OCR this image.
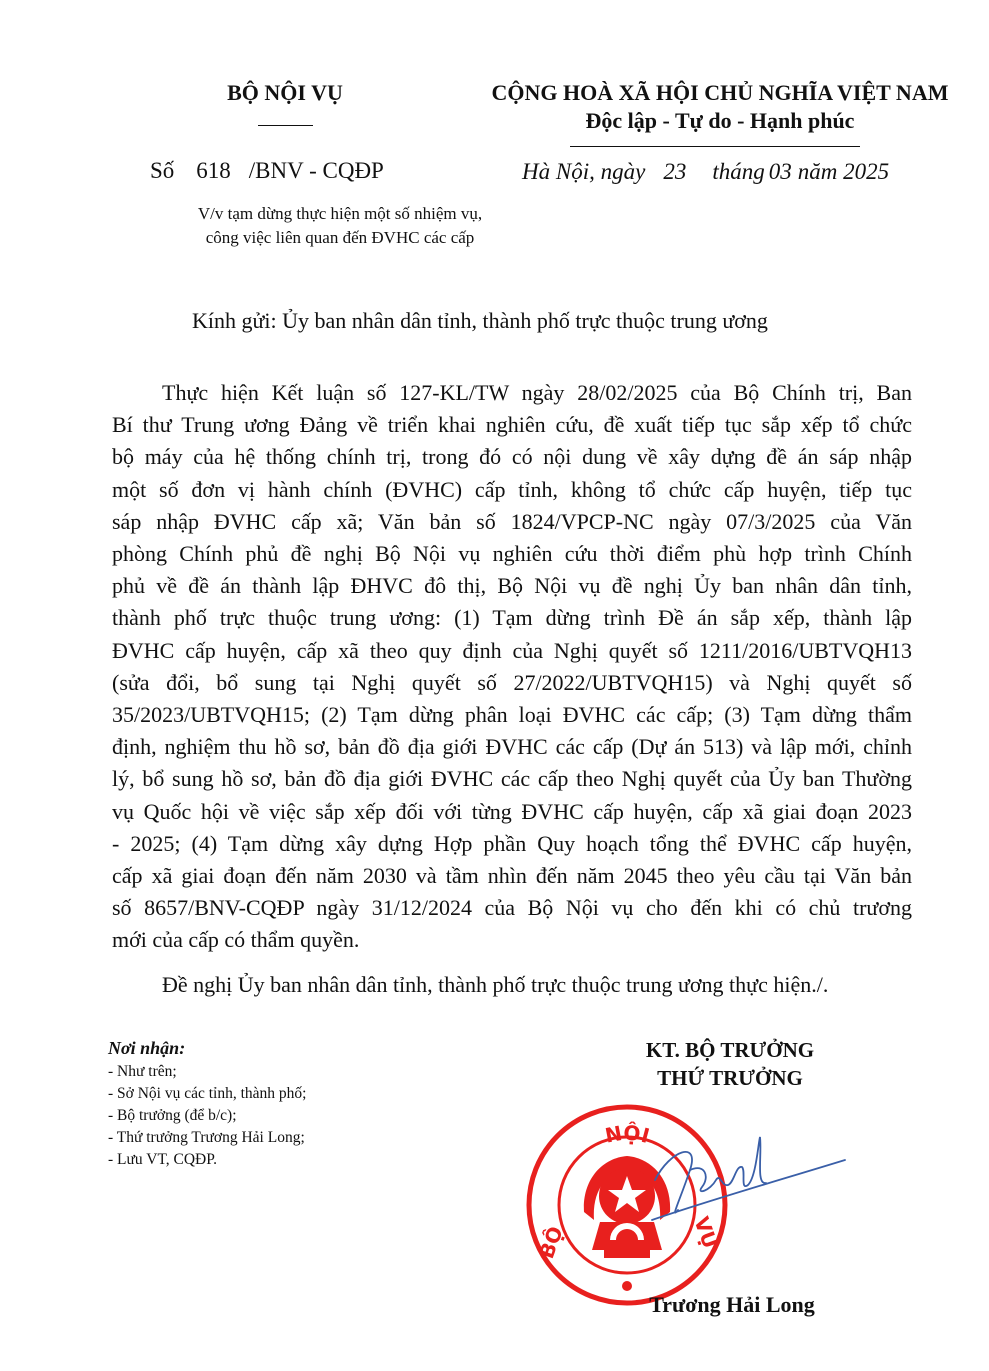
BỘ NỘI VỤ
Số 618 /BNV - CQĐP
V/v tạm dừng thực hiện một số nhiệm vụ,
công việc liên quan đến ĐVHC các cấp
CỘNG HOÀ XÃ HỘI CHỦ NGHĨA VIỆT NAM
Độc lập - Tự do - Hạnh phúc
Hà Nội, ngày 23 tháng 03 năm 2025
Kính gửi: Ủy ban nhân dân tỉnh, thành phố trực thuộc trung ương
Thực hiện Kết luận số 127-KL/TW ngày 28/02/2025 của Bộ Chính trị, Ban
Bí thư Trung ương Đảng về triển khai nghiên cứu, đề xuất tiếp tục sắp xếp tổ chức
bộ máy của hệ thống chính trị, trong đó có nội dung về xây dựng đề án sáp nhập
một số đơn vị hành chính (ĐVHC) cấp tỉnh, không tổ chức cấp huyện, tiếp tục
sáp nhập ĐVHC cấp xã; Văn bản số 1824/VPCP-NC ngày 07/3/2025 của Văn
phòng Chính phủ đề nghị Bộ Nội vụ nghiên cứu thời điểm phù hợp trình Chính
phủ về đề án thành lập ĐHVC đô thị, Bộ Nội vụ đề nghị Ủy ban nhân dân tỉnh,
thành phố trực thuộc trung ương: (1) Tạm dừng trình Đề án sắp xếp, thành lập
ĐVHC cấp huyện, cấp xã theo quy định của Nghị quyết số 1211/2016/UBTVQH13
(sửa đổi, bổ sung tại Nghị quyết số 27/2022/UBTVQH15) và Nghị quyết số
35/2023/UBTVQH15; (2) Tạm dừng phân loại ĐVHC các cấp; (3) Tạm dừng thẩm
định, nghiệm thu hồ sơ, bản đồ địa giới ĐVHC các cấp (Dự án 513) và lập mới, chỉnh
lý, bổ sung hồ sơ, bản đồ địa giới ĐVHC các cấp theo Nghị quyết của Ủy ban Thường
vụ Quốc hội về việc sắp xếp đối với từng ĐVHC cấp huyện, cấp xã giai đoạn 2023
- 2025; (4) Tạm dừng xây dựng Hợp phần Quy hoạch tổng thể ĐVHC cấp huyện,
cấp xã giai đoạn đến năm 2030 và tầm nhìn đến năm 2045 theo yêu cầu tại Văn bản
số 8657/BNV-CQĐP ngày 31/12/2024 của Bộ Nội vụ cho đến khi có chủ trương
mới của cấp có thẩm quyền.
Đề nghị Ủy ban nhân dân tỉnh, thành phố trực thuộc trung ương thực hiện./.
Nơi nhận:
- Như trên;
- Sở Nội vụ các tỉnh, thành phố;
- Bộ trưởng (để b/c);
- Thứ trưởng Trương Hải Long;
- Lưu VT, CQĐP.
KT. BỘ TRƯỞNG
THỨ TRƯỞNG
NỘI
BỘ	VỤ
Trương Hải Long
